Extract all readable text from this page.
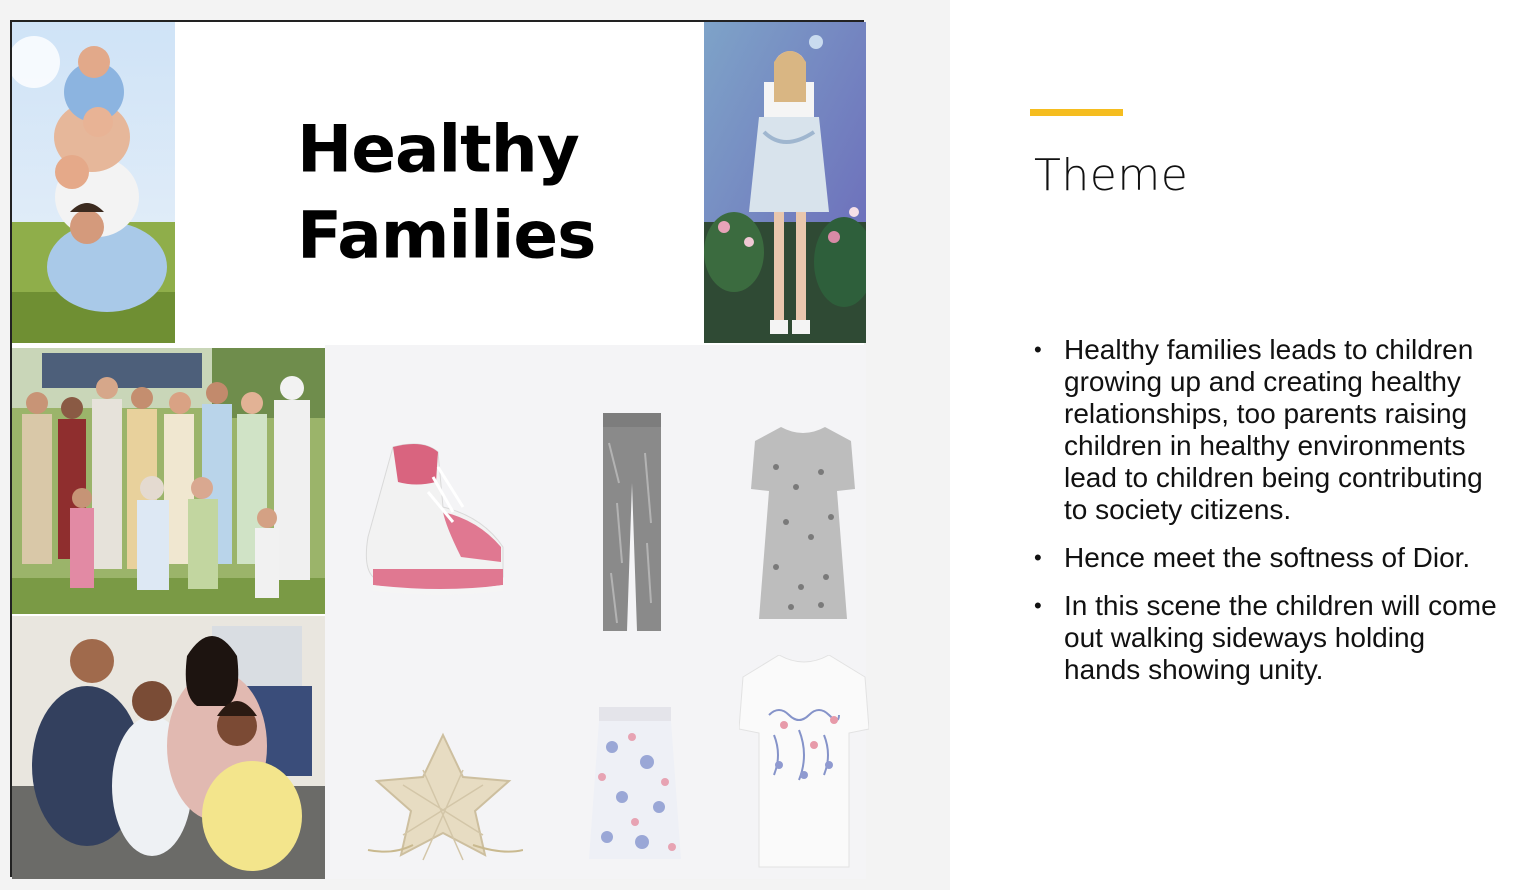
Healthy
Families
Theme
• Healthy families leads to children growing up and creating healthy relationships, too parents raising children in healthy environments lead to children being contributing to society citizens.
• Hence meet the softness of Dior.
• In this scene the children will come out walking sideways holding hands showing unity.
